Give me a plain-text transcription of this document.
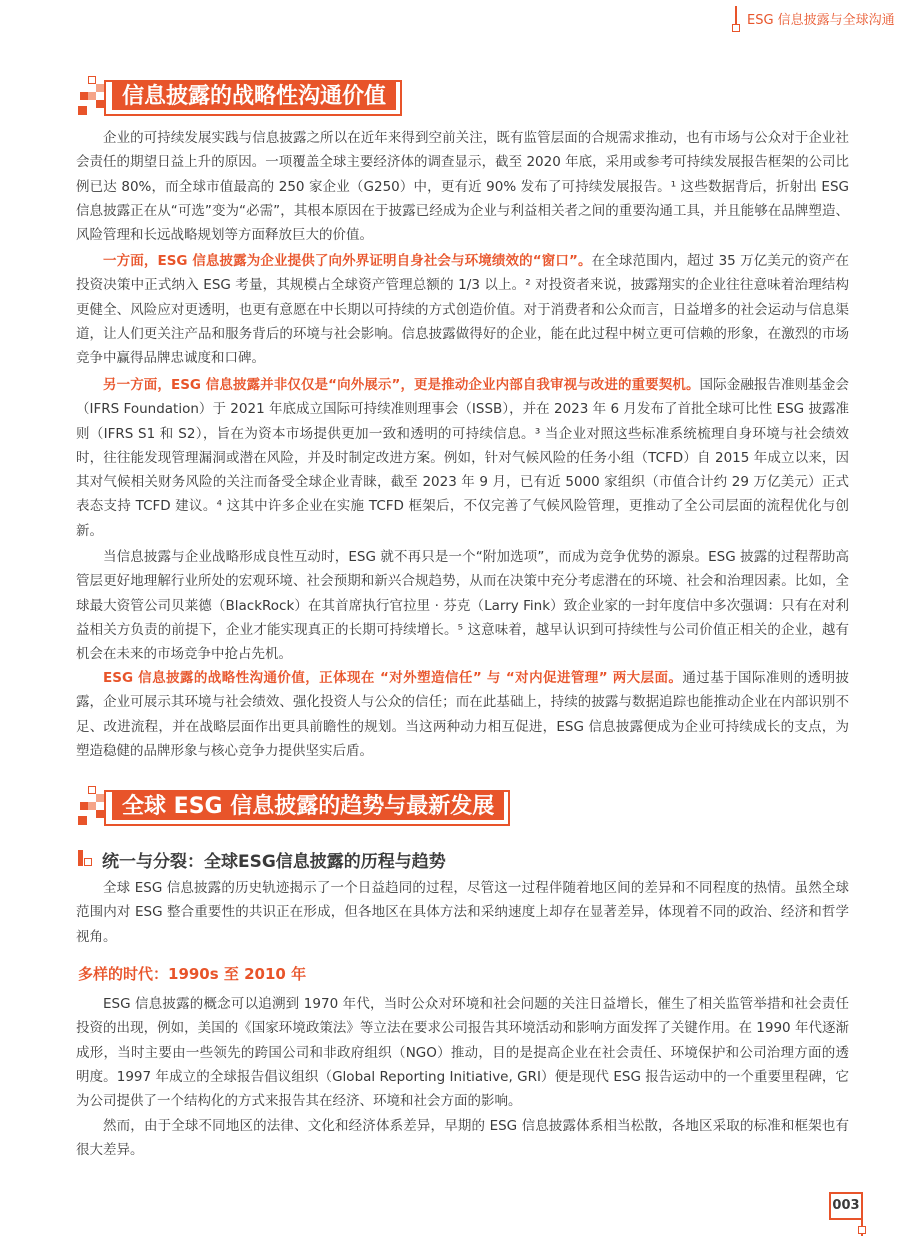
ESG 信息披露与全球沟通
信息披露的战略性沟通价值

企业的可持续发展实践与信息披露之所以在近年来得到空前关注，既有监管层面的合规需求推动，也有市场与公众对于企业社会责任的期望日益上升的原因。一项覆盖全球主要经济体的调查显示，截至 2020 年底，采用或参考可持续发展报告框架的公司比例已达 80%，而全球市值最高的 250 家企业（G250）中，更有近 90% 发布了可持续发展报告。¹ 这些数据背后，折射出 ESG 信息披露正在从“可选”变为“必需”，其根本原因在于披露已经成为企业与利益相关者之间的重要沟通工具，并且能够在品牌塑造、风险管理和长远战略规划等方面释放巨大的价值。

一方面，ESG 信息披露为企业提供了向外界证明自身社会与环境绩效的“窗口”。在全球范围内，超过 35 万亿美元的资产在投资决策中正式纳入 ESG 考量，其规模占全球资产管理总额的 1/3 以上。² 对投资者来说，披露翔实的企业往往意味着治理结构更健全、风险应对更透明，也更有意愿在中长期以可持续的方式创造价值。对于消费者和公众而言，日益增多的社会运动与信息渠道，让人们更关注产品和服务背后的环境与社会影响。信息披露做得好的企业，能在此过程中树立更可信赖的形象，在激烈的市场竞争中赢得品牌忠诚度和口碑。

另一方面，ESG 信息披露并非仅仅是“向外展示”，更是推动企业内部自我审视与改进的重要契机。国际金融报告准则基金会（IFRS Foundation）于 2021 年底成立国际可持续准则理事会（ISSB），并在 2023 年 6 月发布了首批全球可比性 ESG 披露准则（IFRS S1 和 S2），旨在为资本市场提供更加一致和透明的可持续信息。³ 当企业对照这些标准系统梳理自身环境与社会绩效时，往往能发现管理漏洞或潜在风险，并及时制定改进方案。例如，针对气候风险的任务小组（TCFD）自 2015 年成立以来，因其对气候相关财务风险的关注而备受全球企业青睐，截至 2023 年 9 月，已有近 5000 家组织（市值合计约 29 万亿美元）正式表态支持 TCFD 建议。⁴ 这其中许多企业在实施 TCFD 框架后，不仅完善了气候风险管理，更推动了全公司层面的流程优化与创新。

当信息披露与企业战略形成良性互动时，ESG 就不再只是一个“附加选项”，而成为竞争优势的源泉。ESG 披露的过程帮助高管层更好地理解行业所处的宏观环境、社会预期和新兴合规趋势，从而在决策中充分考虑潜在的环境、社会和治理因素。比如，全球最大资管公司贝莱德（BlackRock）在其首席执行官拉里 · 芬克（Larry Fink）致企业家的一封年度信中多次强调：只有在对利益相关方负责的前提下，企业才能实现真正的长期可持续增长。⁵ 这意味着，越早认识到可持续性与公司价值正相关的企业，越有机会在未来的市场竞争中抢占先机。

ESG 信息披露的战略性沟通价值，正体现在 “对外塑造信任” 与 “对内促进管理” 两大层面。通过基于国际准则的透明披露，企业可展示其环境与社会绩效、强化投资人与公众的信任；而在此基础上，持续的披露与数据追踪也能推动企业在内部识别不足、改进流程，并在战略层面作出更具前瞻性的规划。当这两种动力相互促进，ESG 信息披露便成为企业可持续成长的支点，为塑造稳健的品牌形象与核心竞争力提供坚实后盾。

全球 ESG 信息披露的趋势与最新发展
统一与分裂：全球ESG信息披露的历程与趋势

全球 ESG 信息披露的历史轨迹揭示了一个日益趋同的过程，尽管这一过程伴随着地区间的差异和不同程度的热情。虽然全球范围内对 ESG 整合重要性的共识正在形成，但各地区在具体方法和采纳速度上却存在显著差异，体现着不同的政治、经济和哲学视角。

多样的时代：1990s 至 2010 年

ESG 信息披露的概念可以追溯到 1970 年代，当时公众对环境和社会问题的关注日益增长，催生了相关监管举措和社会责任投资的出现，例如，美国的《国家环境政策法》等立法在要求公司报告其环境活动和影响方面发挥了关键作用。在 1990 年代逐渐成形，当时主要由一些领先的跨国公司和非政府组织（NGO）推动，目的是提高企业在社会责任、环境保护和公司治理方面的透明度。1997 年成立的全球报告倡议组织（Global Reporting Initiative, GRI）便是现代 ESG 报告运动中的一个重要里程碑，它为公司提供了一个结构化的方式来报告其在经济、环境和社会方面的影响。

然而，由于全球不同地区的法律、文化和经济体系差异，早期的 ESG 信息披露体系相当松散，各地区采取的标准和框架也有很大差异。

003
